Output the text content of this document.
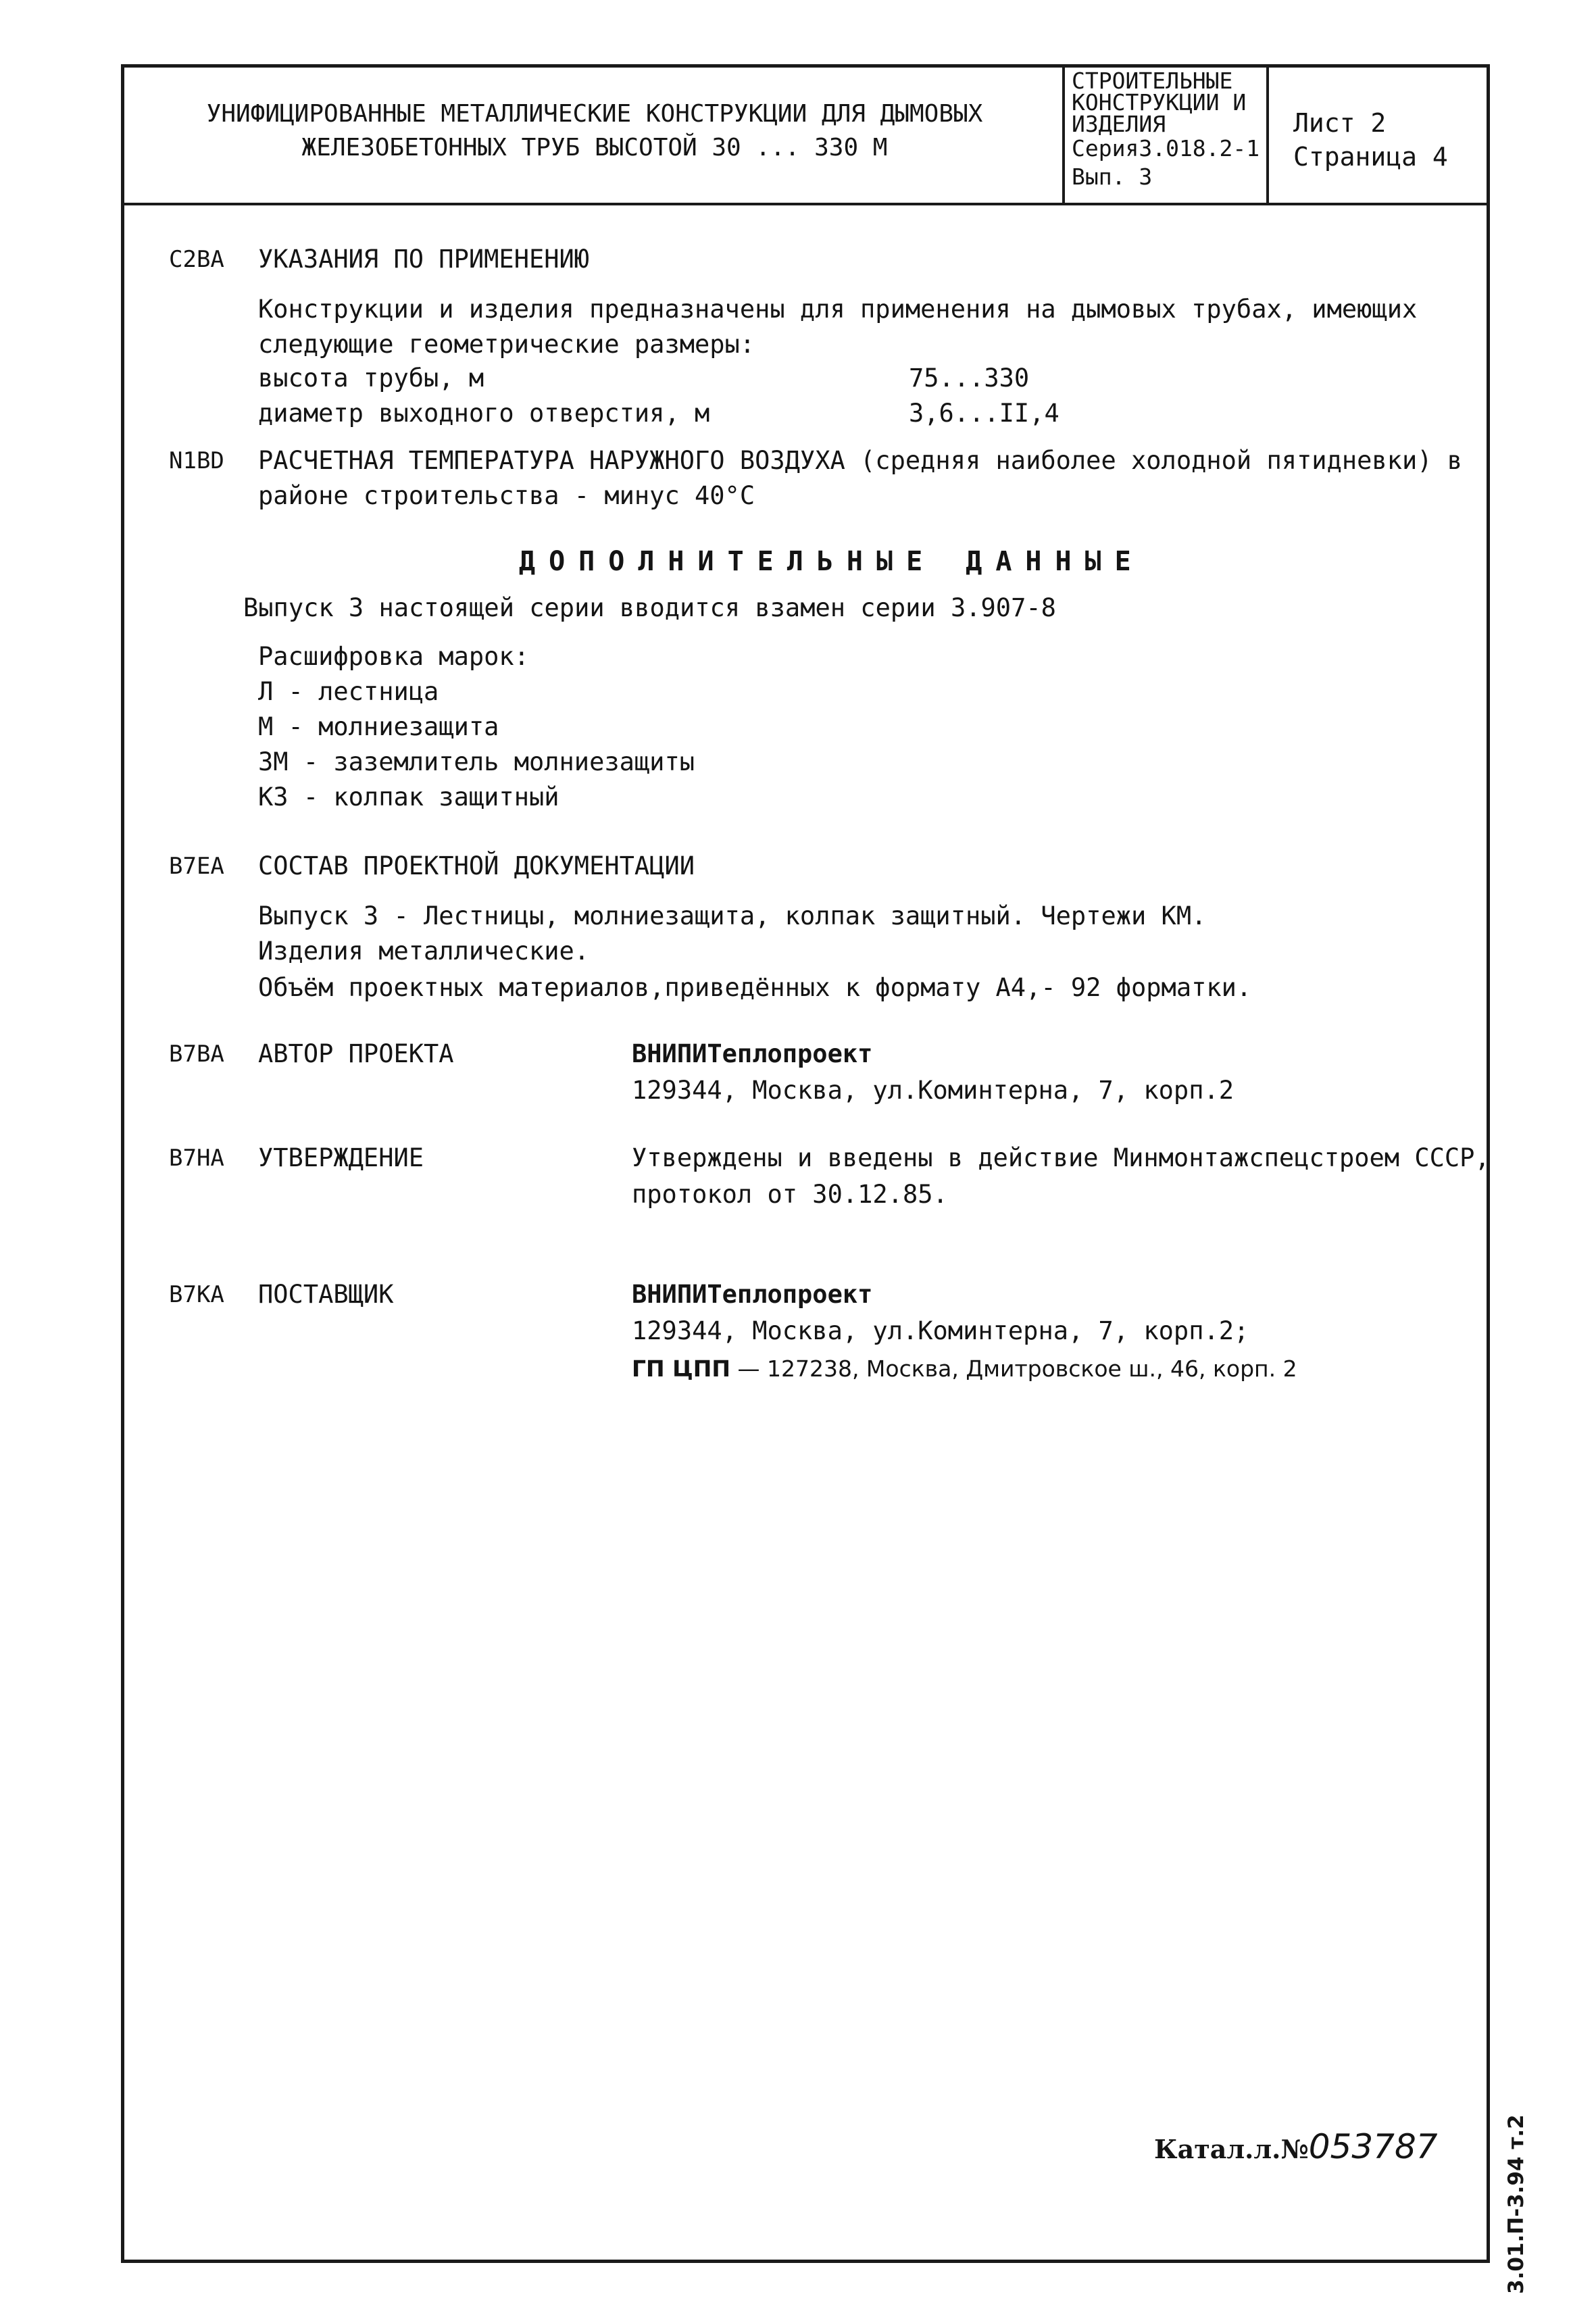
УНИФИЦИРОВАННЫЕ МЕТАЛЛИЧЕСКИЕ КОНСТРУКЦИИ ДЛЯ ДЫМОВЫХ
ЖЕЛЕЗОБЕТОННЫХ ТРУБ ВЫСОТОЙ 30 ... 330 М
СТРОИТЕЛЬНЫЕ
КОНСТРУКЦИИ И
ИЗДЕЛИЯ
Серия3.018.2-1
Вып. 3
Лист 2
Страница 4
C2BA УКАЗАНИЯ ПО ПРИМЕНЕНИЮ
Конструкции и изделия предназначены для применения на дымовых трубах, имеющих
следующие геометрические размеры:
высота трубы, м	75...330
диаметр выходного отверстия, м	3,6...II,4
N1BD РАСЧЕТНАЯ ТЕМПЕРАТУРА НАРУЖНОГО ВОЗДУХА (средняя наиболее холодной пятидневки) в
районе строительства - минус 40°С
ДОПОЛНИТЕЛЬНЫЕ ДАННЫЕ
Выпуск 3 настоящей серии вводится взамен серии 3.907-8
Расшифровка марок:
Л - лестница
М - молниезащита
ЗМ - заземлитель молниезащиты
КЗ - колпак защитный
B7EA СОСТАВ ПРОЕКТНОЙ ДОКУМЕНТАЦИИ
Выпуск 3 - Лестницы, молниезащита, колпак защитный. Чертежи КМ.
Изделия металлические.
Объём проектных материалов,приведённых к формату А4,- 92 форматки.
B7BA АВТОР ПРОЕКТА	ВНИПИТеплопроект
129344, Москва, ул.Коминтерна, 7, корп.2
B7HA УТВЕРЖДЕНИЕ	Утверждены и введены в действие Минмонтажспецстроем СССР,
протокол от 30.12.85.
B7KA ПОСТАВЩИК	ВНИПИТеплопроект
129344, Москва, ул.Коминтерна, 7, корп.2;
ГП ЦПП — 127238, Москва, Дмитровское ш., 46, корп. 2
Катал.л.№053787	3.01.П-3.94 т.2
